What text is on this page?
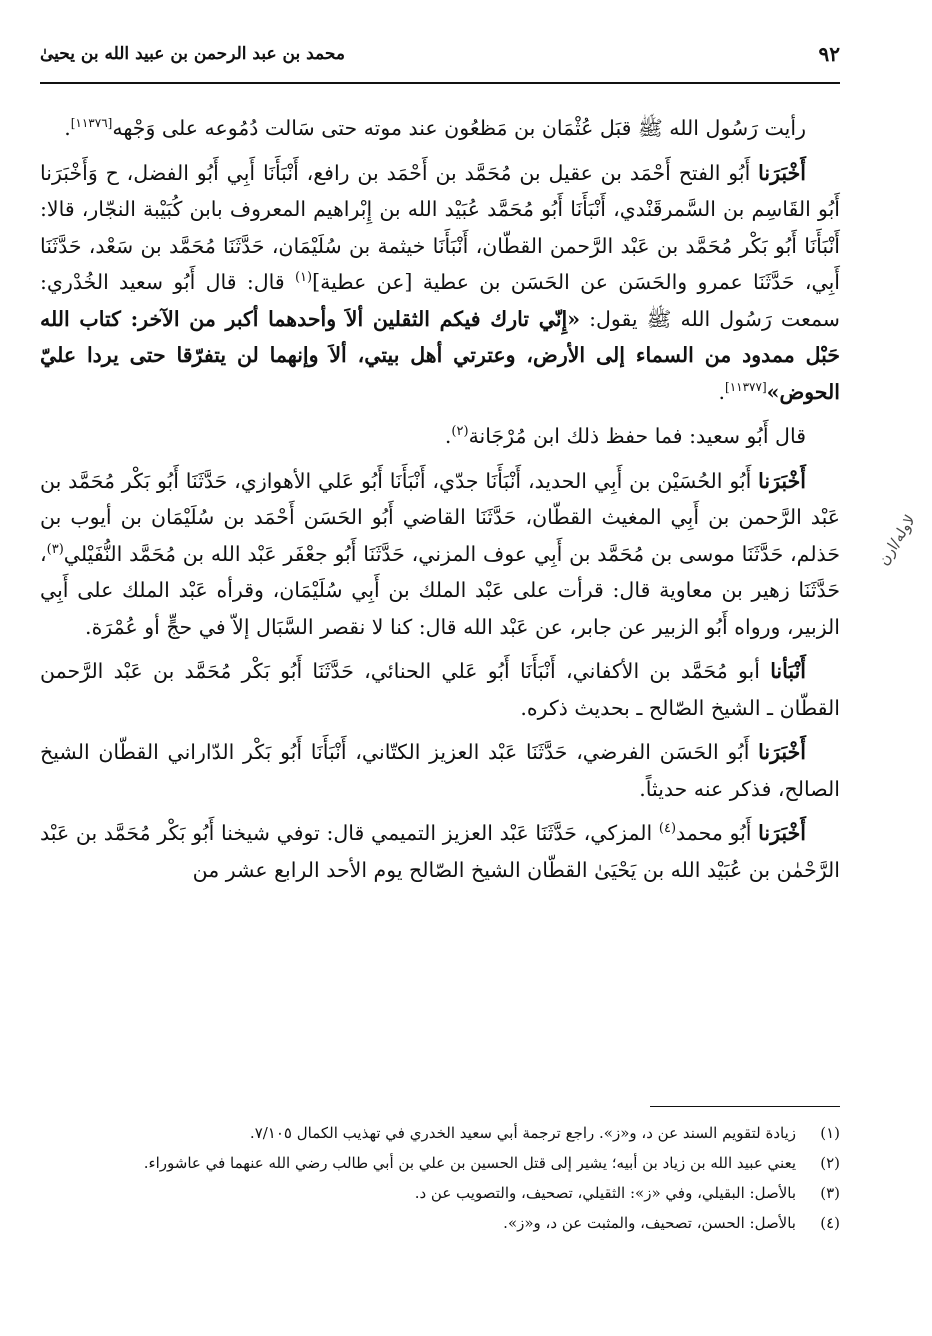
٩٢
محمد بن عبد الرحمن بن عبيد الله بن يحيىٰ
لاوله/ارن

رأيت رَسُول الله ﷺ قبَل عُثْمَان بن مَظعُون عند موته حتى سَالت دُمُوعه على وَجْهه[١١٣٧٦].

أَخْبَرَنا أَبُو الفتح أَحْمَد بن عقيل بن مُحَمَّد بن أَحْمَد بن رافع، أَنْبَأَنَا أَبِي أَبُو الفضل، ح وَأَخْبَرَنا أَبُو القَاسِم بن السَّمرقَنْدي، أَنْبَأَنَا أَبُو مُحَمَّد عُبَيْد الله بن إِبْراهيم المعروف بابن كُبَيْبة النجّار، قالا: أَنْبَأَنَا أَبُو بَكْر مُحَمَّد بن عَبْد الرَّحمن القطّان، أَنْبَأَنَا خيثمة بن سُلَيْمَان، حَدَّثَنَا مُحَمَّد بن سَعْد، حَدَّثَنَا أَبِي، حَدَّثَنَا عمرو والحَسَن عن الحَسَن بن عطية [عن عطية]$^{(١)}$ قال: قال أَبُو سعيد الخُدْري: سمعت رَسُول الله ﷺ يقول: «إِنّي تارك فيكم الثقلين ألاَ وأحدهما أكبر من الآخر: كتاب الله حَبْل ممدود من السماء إلى الأرض، وعترتي أهل بيتي، ألاَ وإنهما لن يتفرّقا حتى يردا عليّ الحوض»[١١٣٧٧].

قال أَبُو سعيد: فما حفظ ذلك ابن مُرْجَانة$^{(٢)}$.

أَخْبَرَنا أَبُو الحُسَيْن بن أَبِي الحديد، أَنْبَأَنَا جدّي، أَنْبَأَنَا أَبُو عَلي الأهوازي، حَدَّثَنَا أَبُو بَكْر مُحَمَّد بن عَبْد الرَّحمن بن أَبِي المغيث القطّان، حَدَّثَنَا القاضي أَبُو الحَسَن أَحْمَد بن سُلَيْمَان بن أيوب بن حَذلم، حَدَّثَنَا موسى بن مُحَمَّد بن أَبِي عوف المزني، حَدَّثَنَا أَبُو جعْفَر عَبْد الله بن مُحَمَّد النُّفَيْلي$^{(٣)}$، حَدَّثَنَا زهير بن معاوية قال: قرأت على عَبْد الملك بن أَبِي سُلَيْمَان، وقرأه عَبْد الملك على أَبِي الزبير، ورواه أَبُو الزبير عن جابر، عن عَبْد الله قال: كنا لا نقصر السَّبَال إلاّ في حجٍّ أو عُمْرَة.

أَنْبَأنا أبو مُحَمَّد بن الأكفاني، أَنْبَأَنَا أَبُو عَلي الحنائي، حَدَّثَنَا أَبُو بَكْر مُحَمَّد بن عَبْد الرَّحمن القطّان ـ الشيخ الصّالح ـ بحديث ذكره.

أَخْبَرَنا أَبُو الحَسَن الفرضي، حَدَّثَنَا عَبْد العزيز الكتّاني، أَنْبَأَنَا أَبُو بَكْر الدّاراني القطّان الشيخ الصالح، فذكر عنه حديثاً.

أَخْبَرَنا أَبُو محمد$^{(٤)}$ المزكي، حَدَّثَنَا عَبْد العزيز التميمي قال: توفي شيخنا أَبُو بَكْر مُحَمَّد بن عَبْد الرَّحْمٰن بن عُبَيْد الله بن يَحْيَىٰ القطّان الشيخ الصّالح يوم الأحد الرابع عشر من

(١)زيادة لتقويم السند عن د، و«ز». راجع ترجمة أبي سعيد الخدري في تهذيب الكمال ٧/١٠٥.
(٢)يعني عبيد الله بن زياد بن أبيه؛ يشير إلى قتل الحسين بن علي بن أبي طالب رضي الله عنهما في عاشوراء.
(٣)بالأصل: البقيلي، وفي «ز»: الثقيلي، تصحيف، والتصويب عن د.
(٤)بالأصل: الحسن، تصحيف، والمثبت عن د، و«ز».
